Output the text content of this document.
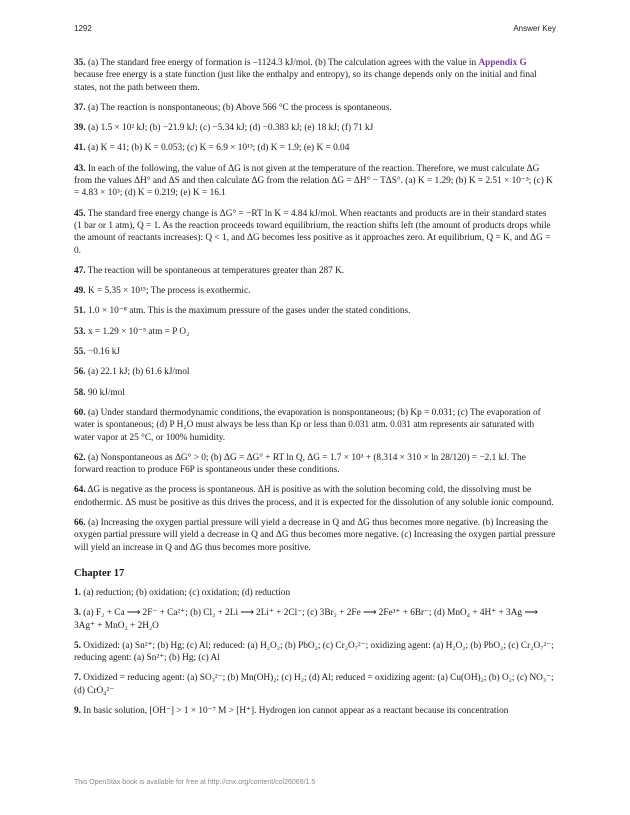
1292	Answer Key

35. (a) The standard free energy of formation is –1124.3 kJ/mol. (b) The calculation agrees with the value in Appendix G because free energy is a state function (just like the enthalpy and entropy), so its change depends only on the initial and final states, not the path between them.

37. (a) The reaction is nonspontaneous; (b) Above 566 °C the process is spontaneous.

39. (a) 1.5 × 10² kJ; (b) −21.9 kJ; (c) −5.34 kJ; (d) −0.383 kJ; (e) 18 kJ; (f) 71 kJ

41. (a) K = 41; (b) K = 0.053; (c) K = 6.9 × 10¹³; (d) K = 1.9; (e) K = 0.04

43. In each of the following, the value of ΔG is not given at the temperature of the reaction. Therefore, we must calculate ΔG from the values ΔH° and ΔS and then calculate ΔG from the relation ΔG = ΔH° − TΔS°. (a) K = 1.29; (b) K = 2.51 × 10⁻³; (c) K = 4.83 × 10³; (d) K = 0.219; (e) K = 16.1

45. The standard free energy change is ΔG° = −RT ln K = 4.84 kJ/mol. When reactants and products are in their standard states (1 bar or 1 atm), Q = 1. As the reaction proceeds toward equilibrium, the reaction shifts left (the amount of products drops while the amount of reactants increases): Q < 1, and ΔG becomes less positive as it approaches zero. At equilibrium, Q = K, and ΔG = 0.

47. The reaction will be spontaneous at temperatures greater than 287 K.

49. K = 5.35 × 10¹⁵; The process is exothermic.

51. 1.0 × 10⁻⁸ atm. This is the maximum pressure of the gases under the stated conditions.

53. x = 1.29 × 10⁻⁵ atm = P O₂

55. −0.16 kJ

56. (a) 22.1 kJ; (b) 61.6 kJ/mol

58. 90 kJ/mol

60. (a) Under standard thermodynamic conditions, the evaporation is nonspontaneous; (b) Kp = 0.031; (c) The evaporation of water is spontaneous; (d) P H₂O must always be less than Kp or less than 0.031 atm. 0.031 atm represents air saturated with water vapor at 25 °C, or 100% humidity.

62. (a) Nonspontaneous as ΔG° > 0; (b) ΔG = ΔG° + RT ln Q, ΔG = 1.7 × 10³ + (8.314 × 310 × ln 28/120) = −2.1 kJ. The forward reaction to produce F6P is spontaneous under these conditions.

64. ΔG is negative as the process is spontaneous. ΔH is positive as with the solution becoming cold, the dissolving must be endothermic. ΔS must be positive as this drives the process, and it is expected for the dissolution of any soluble ionic compound.

66. (a) Increasing the oxygen partial pressure will yield a decrease in Q and ΔG thus becomes more negative. (b) Increasing the oxygen partial pressure will yield a decrease in Q and ΔG thus becomes more negative. (c) Increasing the oxygen partial pressure will yield an increase in Q and ΔG thus becomes more positive.

Chapter 17

1. (a) reduction; (b) oxidation; (c) oxidation; (d) reduction

3. (a) F₂ + Ca ⟶ 2F⁻ + Ca²⁺; (b) Cl₂ + 2Li ⟶ 2Li⁺ + 2Cl⁻; (c) 3Br₂ + 2Fe ⟶ 2Fe³⁺ + 6Br⁻; (d) MnO₄ + 4H⁺ + 3Ag ⟶ 3Ag⁺ + MnO₂ + 2H₂O

5. Oxidized: (a) Sn²⁺; (b) Hg; (c) Al; reduced: (a) H₂O₂; (b) PbO₂; (c) Cr₂O₇²⁻; oxidizing agent: (a) H₂O₂; (b) PbO₂; (c) Cr₂O₇²⁻; reducing agent: (a) Sn²⁺; (b) Hg; (c) Al

7. Oxidized = reducing agent: (a) SO₃²⁻; (b) Mn(OH)₂; (c) H₂; (d) Al; reduced = oxidizing agent: (a) Cu(OH)₂; (b) O₂; (c) NO₃⁻; (d) CrO₄²⁻

9. In basic solution, [OH⁻] > 1 × 10⁻⁷ M > [H⁺]. Hydrogen ion cannot appear as a reactant because its concentration

This OpenStax book is available for free at http://cnx.org/content/col26069/1.5
